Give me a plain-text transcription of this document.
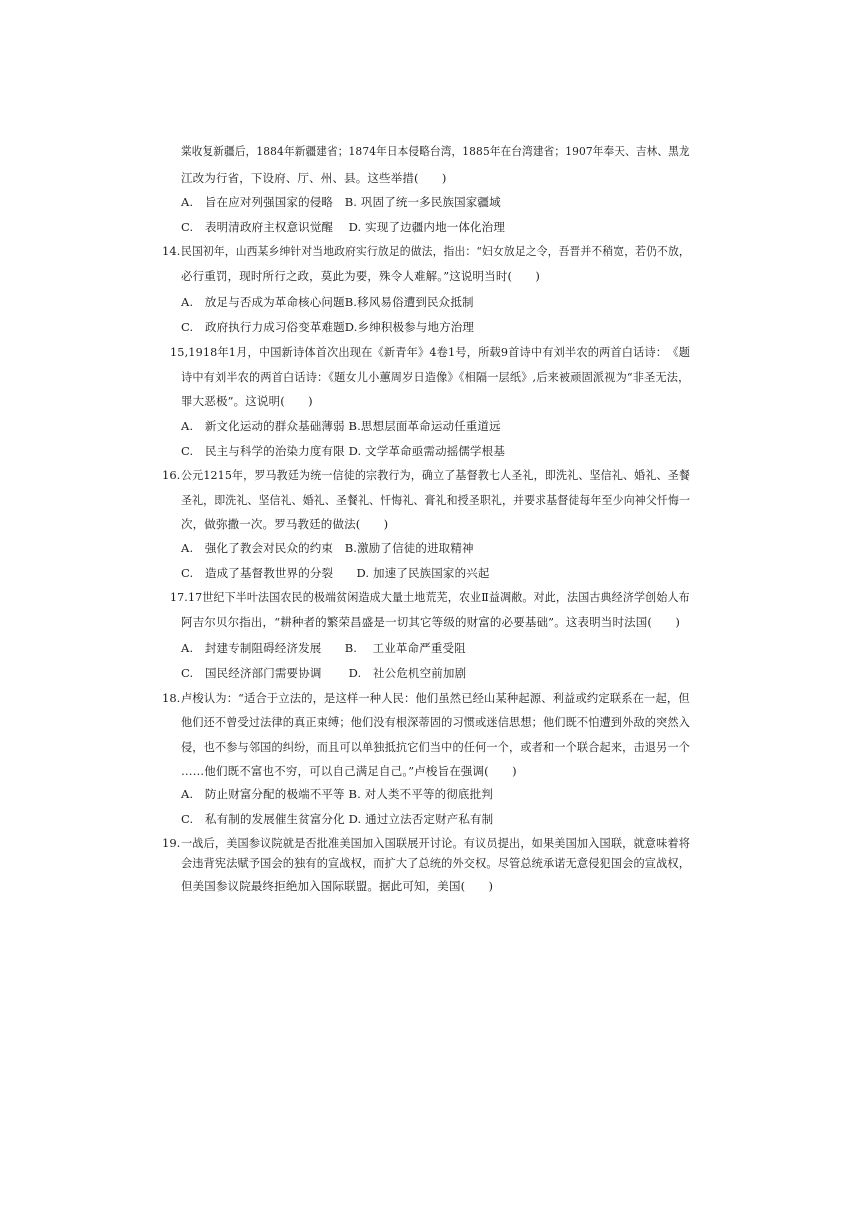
棠收复新疆后，1884年新疆建省；1874年日本侵略台湾，1885年在台湾建省；1907年奉天、吉林、黑龙
江改为行省，下设府、厅、州、县。这些举措(　　)
A.　旨在应对列强国家的侵略　B. 巩固了统一多民族国家疆域
C.　表明清政府主权意识觉醒　 D. 实现了边疆内地一体化治理
14. 民国初年，山西某乡绅针对当地政府实行放足的做法，指出：“妇女放足之令，吾晋并不稍宽，若仍不放，
必行重罚，现时所行之政，莫此为要，殊令人难解。”这说明当时(　　)
A.　放足与否成为革命核心问题B.移风易俗遭到民众抵制
C.　政府执行力成习俗变革难题D.乡绅积极参与地方治理
15,1918年1月，中国新诗体首次出现在《新青年》4卷1号，所载9首诗中有刘半农的两首白话诗：　《题
诗中有刘半农的两首白话诗：《题女儿小蕙周岁日造像》《相隔一层纸》,后来被顽固派视为“非圣无法，
罪大恶极”。这说明(　　)
A.　新文化运动的群众基础薄弱 B.思想层面革命运动任重道远
C.　民主与科学的治染力度有限 D. 文学革命亟需动摇儒学根基
16. 公元1215年，罗马教廷为统一信徒的宗教行为，确立了基督教七人圣礼，即洗礼、坚信礼、婚礼、圣餐
圣礼，即洗礼、坚信礼、婚礼、圣餐礼、忏悔礼、膏礼和授圣职礼，并要求基督徒每年至少向神父忏悔一
次，做弥撒一次。罗马教廷的做法(　　)
A.　强化了教会对民众的约束　B.激励了信徒的进取精神
C.　造成了基督教世界的分裂　　D. 加速了民族国家的兴起
17.17世纪下半叶法国农民的极端贫闲造成大量土地荒芜，农业Ⅱ益凋敝。对此，法国古典经济学创始人布
阿吉尔贝尔指出，“耕种者的繁荣昌盛是一切其它等级的财富的必要基础”。这表明当时法国(　　)
A.　封建专制阻碍经济发展　　B.　 工业革命严重受阻
C.　国民经济部门需要协调　　 D.　社公危机空前加剧
18. 卢梭认为：“适合于立法的，是这样一种人民：他们虽然已经山某种起源、利益或约定联系在一起，但
他们还不曾受过法律的真正束缚；他们没有根深蒂固的习惯或迷信思想；他们既不怕遭到外敌的突然入
侵，也不参与邻国的纠纷，而且可以单独抵抗它们当中的任何一个，或者和一个联合起来，击退另一个
……他们既不富也不穷，可以自己满足自己。”卢梭旨在强调(　　)
A.　防止财富分配的极端不平等 B. 对人类不平等的彻底批判
C.　私有制的发展催生贫富分化 D. 通过立法否定财产私有制
19. 一战后，美国参议院就是否批准美国加入国联展开讨论。有议员提出，如果美国加入国联，就意味着将
会违背宪法赋予国会的独有的宣战权，而扩大了总统的外交权。尽管总统承诺无意侵犯国会的宣战权，
但美国参议院最终拒绝加入国际联盟。据此可知，美国(　　)
